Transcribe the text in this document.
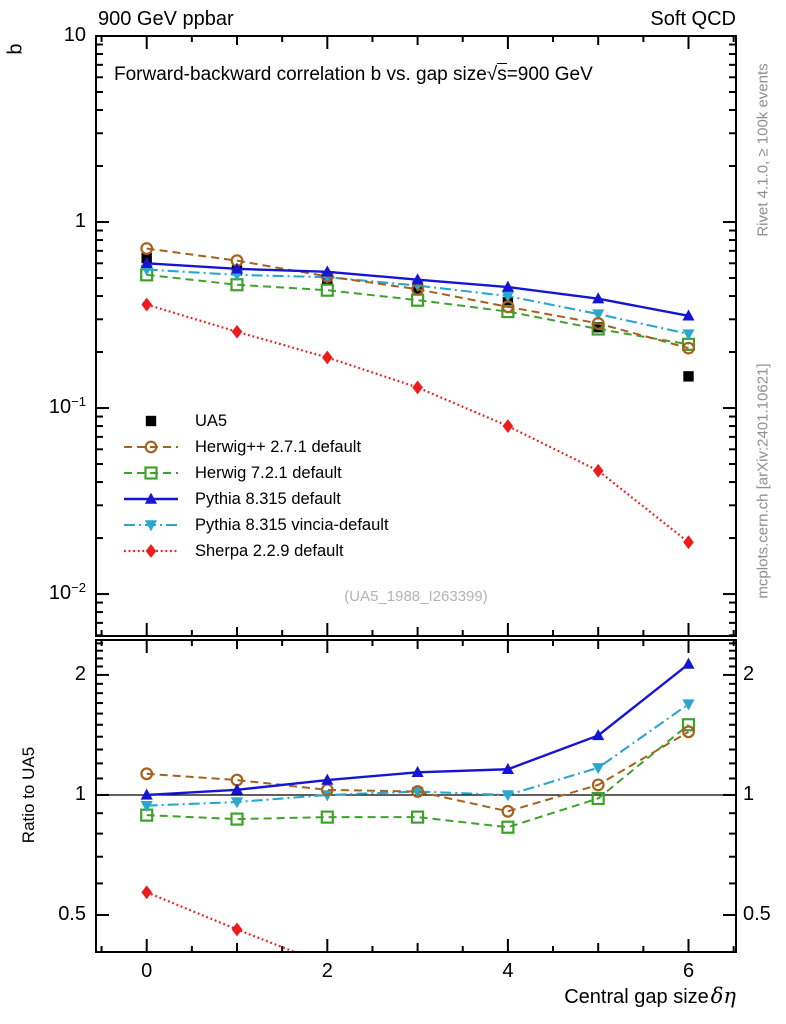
900 GeV ppbar	Soft QCD
Forward-backward correlation b vs. gap size√s=900 GeV
(UA5_1988_I263399)
b
Ratio to UA5
Central gap sizeδη
Rivet 4.1.0, ≥ 100k events
mcplots.cern.ch [arXiv:2401.10621]
0	2	4	6
10
1
$10^{-1}$
$10^{-2}$
2	2
1	1
0.5	0.5
UA5
Herwig++ 2.7.1 default
Herwig 7.2.1 default
Pythia 8.315 default
Pythia 8.315 vincia-default
Sherpa 2.2.9 default
